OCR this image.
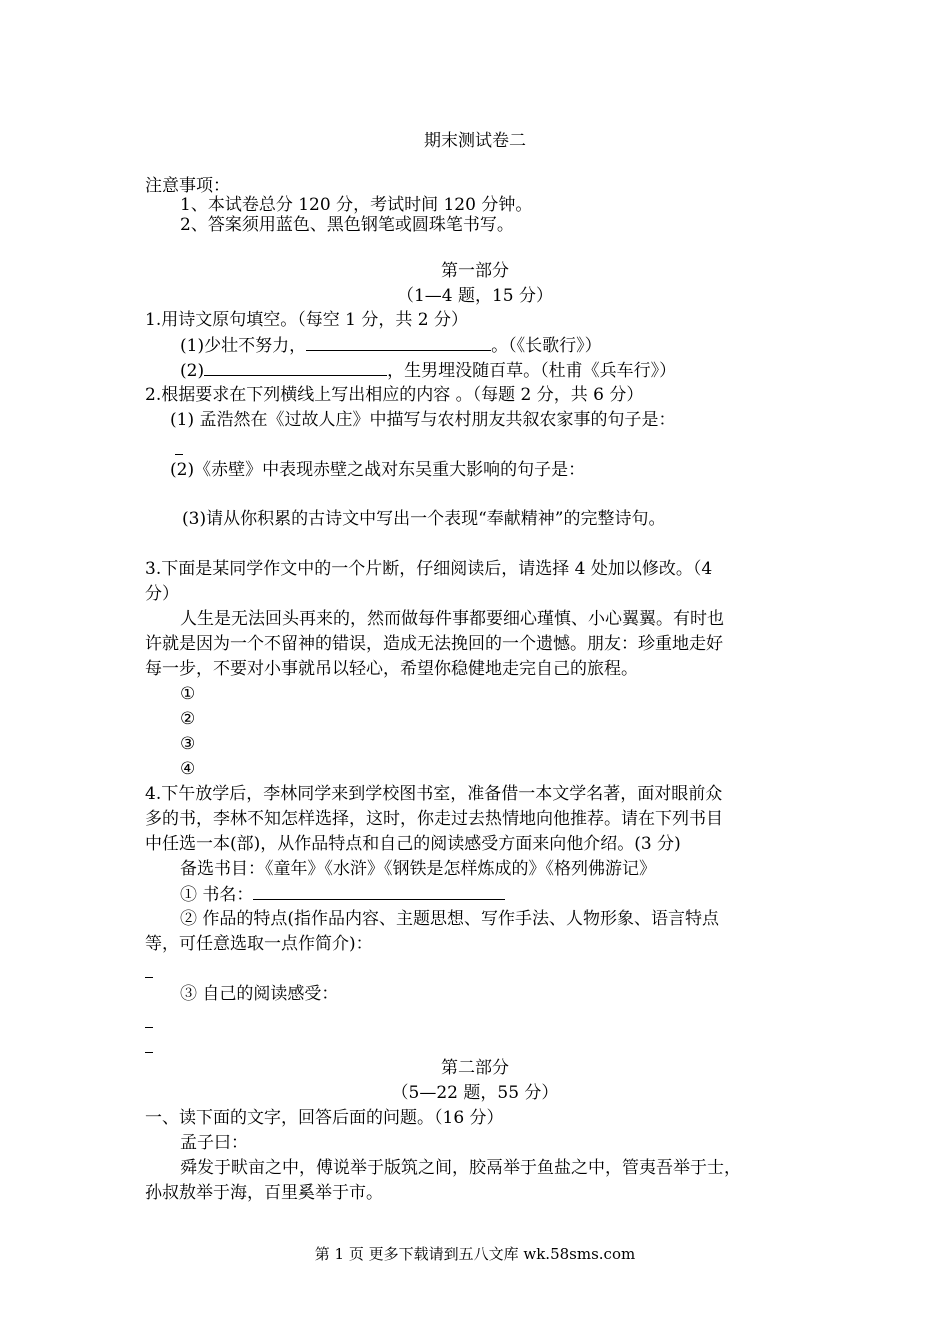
期末测试卷二
注意事项：
1、本试卷总分 120 分，考试时间 120 分钟。
2、答案须用蓝色、黑色钢笔或圆珠笔书写。
第一部分
（1—4 题，15 分）
1.用诗文原句填空。（每空 1 分，共 2 分）
(1)少壮不努力，	。（《长歌行》）
(2)	，生男埋没随百草。（杜甫《兵车行》）
2.根据要求在下列横线上写出相应的内容 。（每题 2 分，共 6 分）
(1) 孟浩然在《过故人庄》中描写与农村朋友共叙农家事的句子是：
(2)《赤壁》中表现赤壁之战对东吴重大影响的句子是：
(3)请从你积累的古诗文中写出一个表现“奉献精神”的完整诗句。
3.下面是某同学作文中的一个片断，仔细阅读后，请选择 4 处加以修改。（4
分）
人生是无法回头再来的，然而做每件事都要细心瑾慎、小心翼翼。有时也
许就是因为一个不留神的错误，造成无法挽回的一个遗憾。朋友：珍重地走好
每一步，不要对小事就吊以轻心，希望你稳健地走完自己的旅程。
①
②
③
④
4.下午放学后，李林同学来到学校图书室，准备借一本文学名著，面对眼前众
多的书，李林不知怎样选择，这时，你走过去热情地向他推荐。请在下列书目
中任选一本(部)，从作品特点和自己的阅读感受方面来向他介绍。(3 分)
备选书目：《童年》《水浒》《钢铁是怎样炼成的》《格列佛游记》
① 书名：
② 作品的特点(指作品内容、主题思想、写作手法、人物形象、语言特点
等，可任意选取一点作简介)：
③ 自己的阅读感受：
第二部分
（5—22 题，55 分）
一、读下面的文字，回答后面的问题。（16 分）
孟子曰：
舜发于畎亩之中，傅说举于版筑之间，胶鬲举于鱼盐之中，管夷吾举于士，
孙叔敖举于海，百里奚举于市。
第 1 页 更多下载请到五八文库 wk.58sms.com
